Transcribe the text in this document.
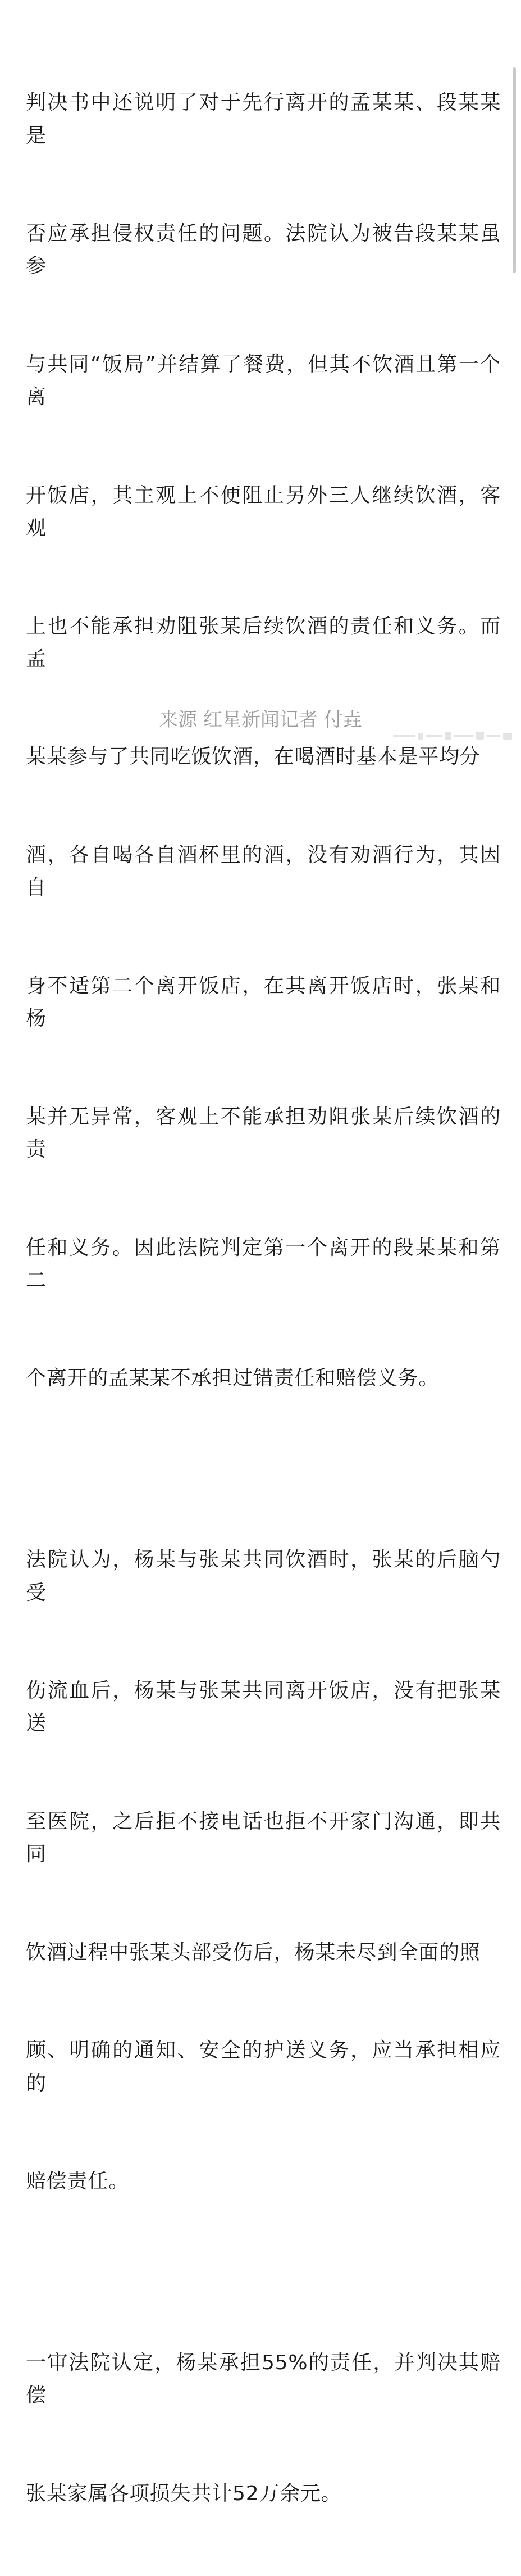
判决书中还说明了对于先行离开的孟某某、段某某是

否应承担侵权责任的问题。法院认为被告段某某虽参

与共同“饭局”并结算了餐费，但其不饮酒且第一个离

开饭店，其主观上不便阻止另外三人继续饮酒，客观

上也不能承担劝阻张某后续饮酒的责任和义务。而孟

某某参与了共同吃饭饮酒，在喝酒时基本是平均分

酒，各自喝各自酒杯里的酒，没有劝酒行为，其因自

身不适第二个离开饭店，在其离开饭店时，张某和杨

某并无异常，客观上不能承担劝阻张某后续饮酒的责

任和义务。因此法院判定第一个离开的段某某和第二

个离开的孟某某不承担过错责任和赔偿义务。

法院认为，杨某与张某共同饮酒时，张某的后脑勺受

伤流血后，杨某与张某共同离开饭店，没有把张某送

至医院，之后拒不接电话也拒不开家门沟通，即共同

饮酒过程中张某头部受伤后，杨某未尽到全面的照

顾、明确的通知、安全的护送义务，应当承担相应的

赔偿责任。

一审法院认定，杨某承担55%的责任，并判决其赔偿

张某家属各项损失共计52万余元。

来源 红星新闻记者 付垚
